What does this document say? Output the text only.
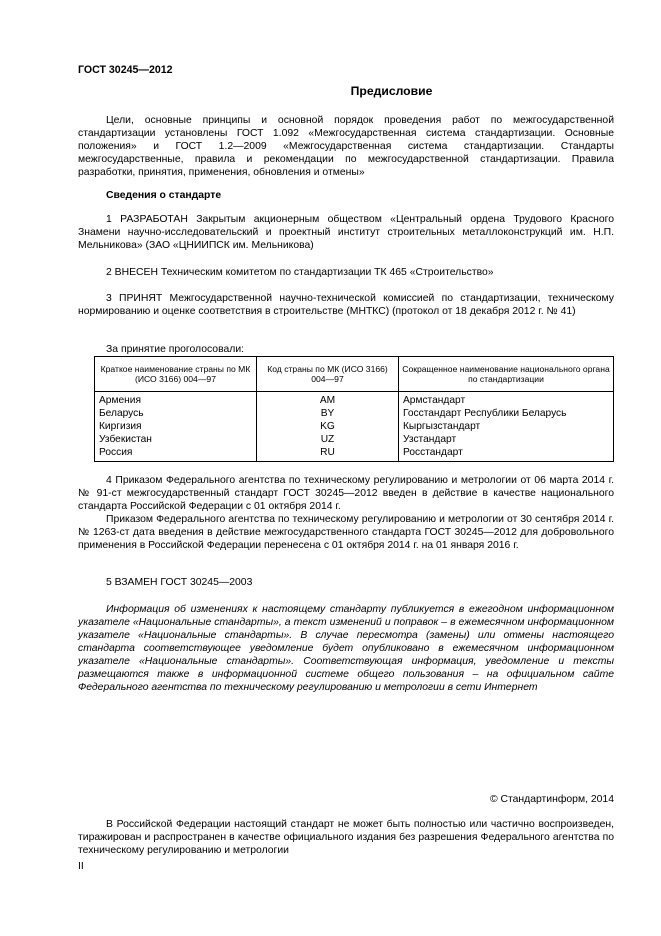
ГОСТ 30245—2012
Предисловие

Цели, основные принципы и основной порядок проведения работ по межгосударственной стандартизации установлены ГОСТ 1.092 «Межгосударственная система стандартизации. Основные положения» и ГОСТ 1.2—2009 «Межгосударственная система стандартизации. Стандарты межгосударственные, правила и рекомендации по межгосударственной стандартизации. Правила разработки, принятия, применения, обновления и отмены»

Сведения о стандарте

1 РАЗРАБОТАН Закрытым акционерным обществом «Центральный ордена Трудового Красного Знамени научно-исследовательский и проектный институт строительных металлоконструкций им. Н.П. Мельникова» (ЗАО «ЦНИИПСК им. Мельникова)

2 ВНЕСЕН Техническим комитетом по стандартизации ТК 465 «Строительство»

3 ПРИНЯТ Межгосударственной научно-технической комиссией по стандартизации, техническому нормированию и оценке соответствия в строительстве (МНТКС) (протокол от 18 декабря 2012 г. № 41)

За принятие проголосовали:
Краткое наименование страны по МК (ИСО 3166) 004—97	Код страны по МК (ИСО 3166) 004—97	Сокращенное наименование национального органа по стандартизации
Армения	AM	Армстандарт
Беларусь	BY	Госстандарт Республики Беларусь
Киргизия	KG	Кыргызстандарт
Узбекистан	UZ	Узстандарт
Россия	RU	Росстандарт

4 Приказом Федерального агентства по техническому регулированию и метрологии от 06 марта 2014 г. № 91-ст межгосударственный стандарт ГОСТ 30245—2012 введен в действие в качестве национального стандарта Российской Федерации с 01 октября 2014 г.

Приказом Федерального агентства по техническому регулированию и метрологии от 30 сентября 2014 г. № 1263-ст дата введения в действие межгосударственного стандарта ГОСТ 30245—2012 для добровольного применения в Российской Федерации перенесена с 01 октября 2014 г. на 01 января 2016 г.

5 ВЗАМЕН ГОСТ 30245—2003

Информация об изменениях к настоящему стандарту публикуется в ежегодном информационном указателе «Национальные стандарты», а текст изменений и поправок – в ежемесячном информационном указателе «Национальные стандарты». В случае пересмотра (замены) или отмены настоящего стандарта соответствующее уведомление будет опубликовано в ежемесячном информационном указателе «Национальные стандарты». Соответствующая информация, уведомление и тексты размещаются также в информационной системе общего пользования – на официальном сайте Федерального агентства по техническому регулированию и метрологии в сети Интернет

© Стандартинформ, 2014

В Российской Федерации настоящий стандарт не может быть полностью или частично воспроизведен, тиражирован и распространен в качестве официального издания без разрешения Федерального агентства по техническому регулированию и метрологии

II
